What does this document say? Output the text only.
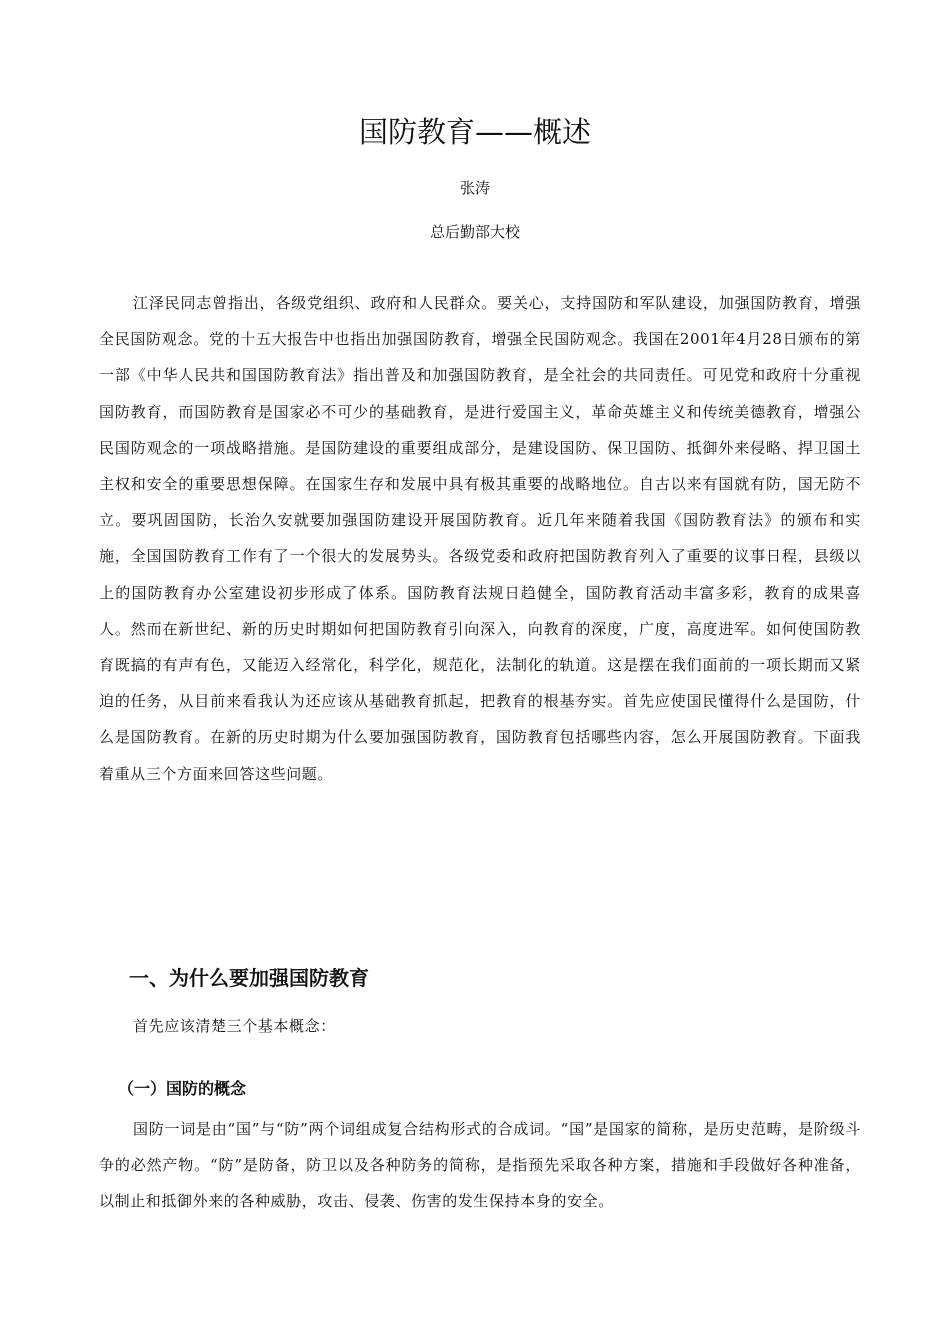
国防教育——概述

张涛

总后勤部大校

江泽民同志曾指出，各级党组织、政府和人民群众。要关心，支持国防和军队建设，加强国防教育，增强全民国防观念。党的十五大报告中也指出加强国防教育，增强全民国防观念。我国在2001年4月28日颁布的第一部《中华人民共和国国防教育法》指出普及和加强国防教育，是全社会的共同责任。可见党和政府十分重视国防教育，而国防教育是国家必不可少的基础教育，是进行爱国主义，革命英雄主义和传统美德教育，增强公民国防观念的一项战略措施。是国防建设的重要组成部分，是建设国防、保卫国防、抵御外来侵略、捍卫国土主权和安全的重要思想保障。在国家生存和发展中具有极其重要的战略地位。自古以来有国就有防，国无防不立。要巩固国防，长治久安就要加强国防建设开展国防教育。近几年来随着我国《国防教育法》的颁布和实施，全国国防教育工作有了一个很大的发展势头。各级党委和政府把国防教育列入了重要的议事日程，县级以上的国防教育办公室建设初步形成了体系。国防教育法规日趋健全，国防教育活动丰富多彩，教育的成果喜人。然而在新世纪、新的历史时期如何把国防教育引向深入，向教育的深度，广度，高度进军。如何使国防教育既搞的有声有色，又能迈入经常化，科学化，规范化，法制化的轨道。这是摆在我们面前的一项长期而又紧迫的任务，从目前来看我认为还应该从基础教育抓起，把教育的根基夯实。首先应使国民懂得什么是国防，什么是国防教育。在新的历史时期为什么要加强国防教育，国防教育包括哪些内容，怎么开展国防教育。下面我着重从三个方面来回答这些问题。

一、为什么要加强国防教育

首先应该清楚三个基本概念：

（一）国防的概念

国防一词是由“国”与“防”两个词组成复合结构形式的合成词。“国”是国家的简称，是历史范畴，是阶级斗争的必然产物。“防”是防备，防卫以及各种防务的简称，是指预先采取各种方案，措施和手段做好各种准备，以制止和抵御外来的各种威胁，攻击、侵袭、伤害的发生保持本身的安全。
